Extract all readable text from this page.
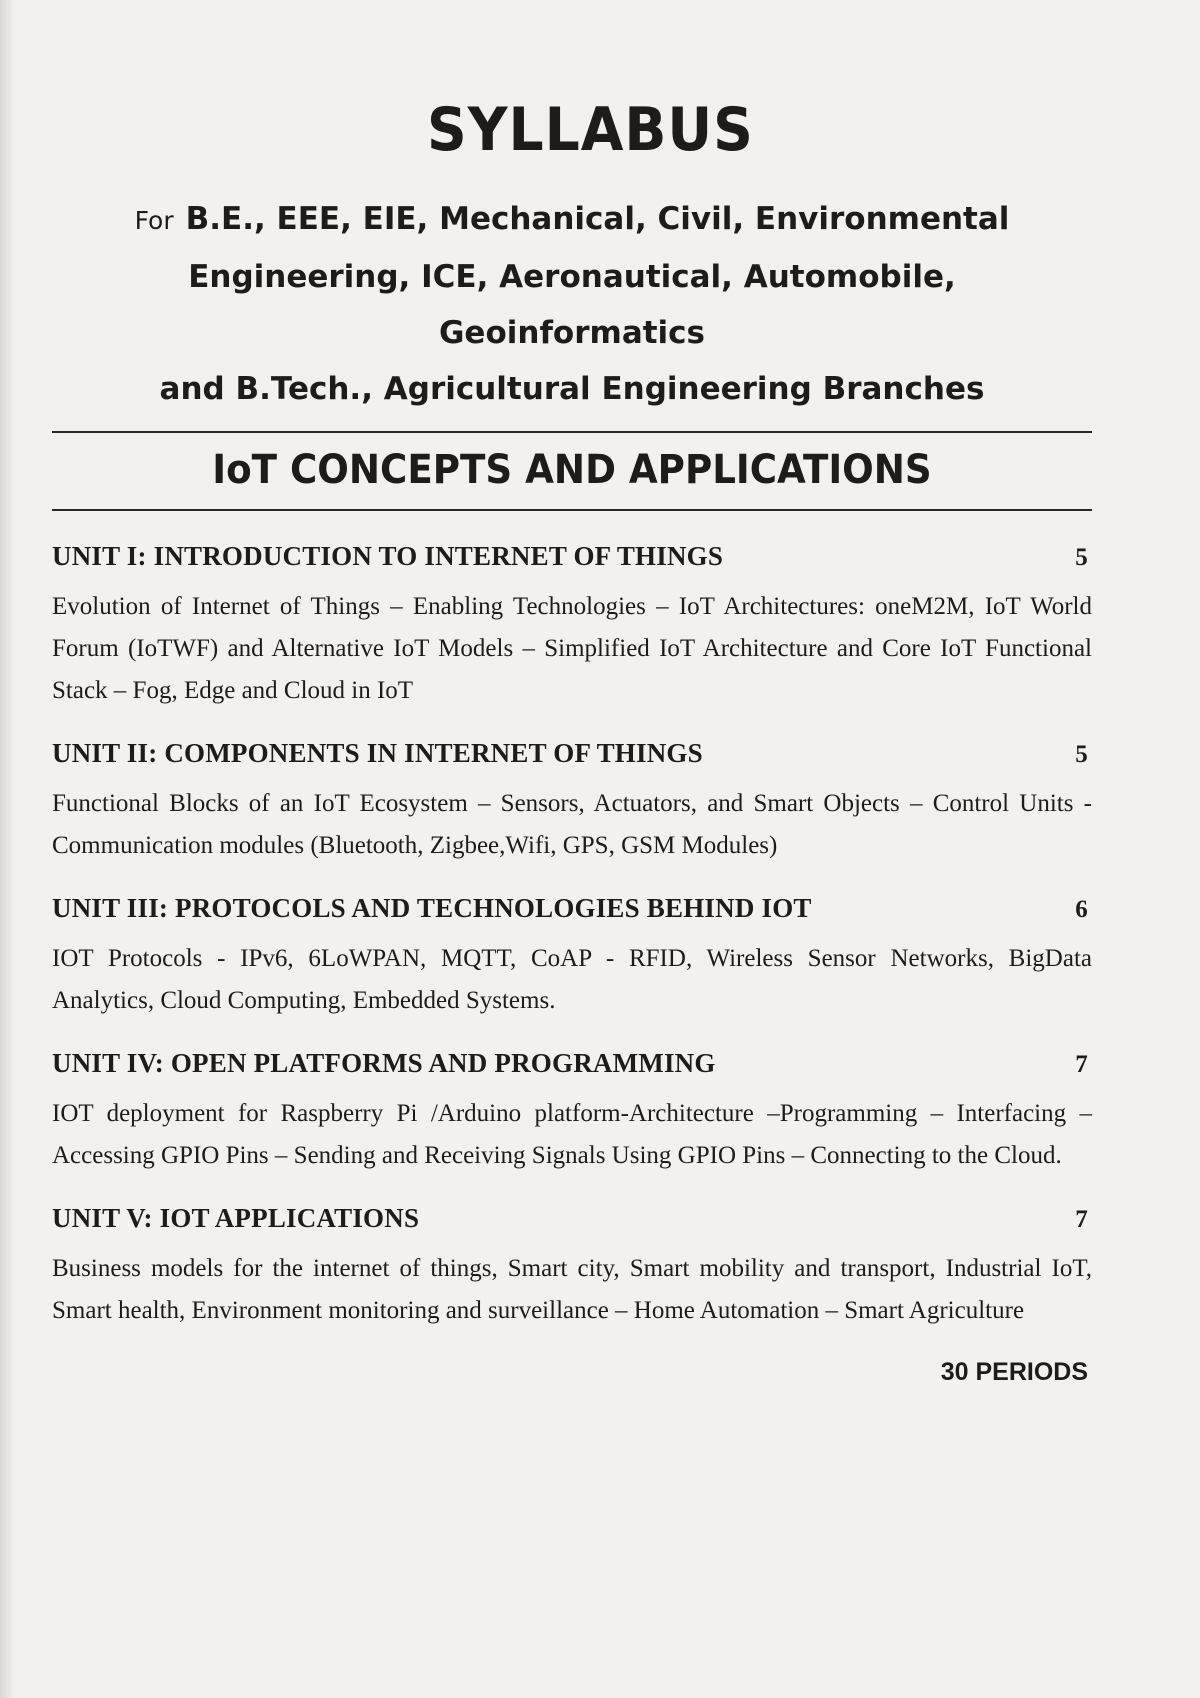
SYLLABUS

For B.E., EEE, EIE, Mechanical, Civil, Environmental

Engineering, ICE, Aeronautical, Automobile, Geoinformatics

and B.Tech., Agricultural Engineering Branches

IoT CONCEPTS AND APPLICATIONS
UNIT I: INTRODUCTION TO INTERNET OF THINGS	5

Evolution of Internet of Things – Enabling Technologies – IoT Architectures: oneM2M, IoT World Forum (IoTWF) and Alternative IoT Models – Simplified IoT Architecture and Core IoT Functional Stack – Fog, Edge and Cloud in IoT

UNIT II: COMPONENTS IN INTERNET OF THINGS	5

Functional Blocks of an IoT Ecosystem – Sensors, Actuators, and Smart Objects – Control Units - Communication modules (Bluetooth, Zigbee,Wifi, GPS, GSM Modules)

UNIT III: PROTOCOLS AND TECHNOLOGIES BEHIND IOT	6

IOT Protocols - IPv6, 6LoWPAN, MQTT, CoAP - RFID, Wireless Sensor Networks, BigData Analytics, Cloud Computing, Embedded Systems.

UNIT IV: OPEN PLATFORMS AND PROGRAMMING	7

IOT deployment for Raspberry Pi /Arduino platform-Architecture –Programming – Interfacing – Accessing GPIO Pins – Sending and Receiving Signals Using GPIO Pins – Connecting to the Cloud.

UNIT V: IOT APPLICATIONS	7

Business models for the internet of things, Smart city, Smart mobility and transport, Industrial IoT, Smart health, Environment monitoring and surveillance – Home Automation – Smart Agriculture

30 PERIODS
